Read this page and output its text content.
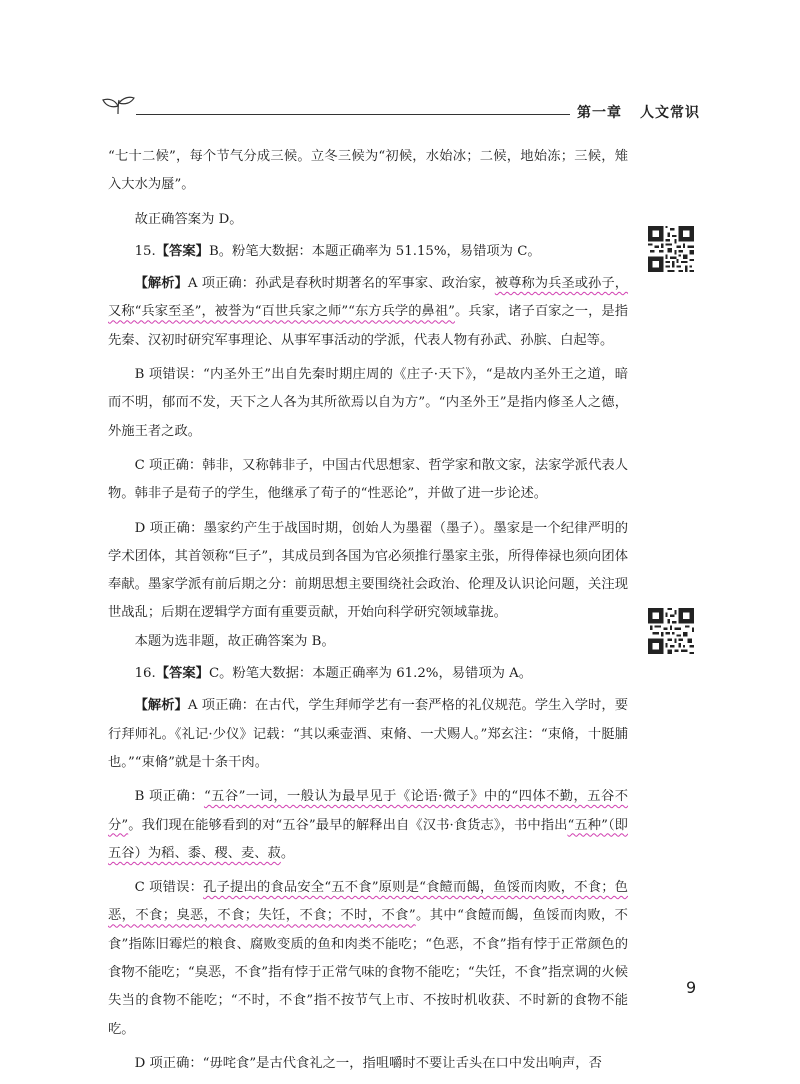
第一章 人文常识

“七十二候”，每个节气分成三候。立冬三候为“初候，水始冰；二候，地始冻；三候，雉入大水为蜃”。

故正确答案为 D。

15.【答案】B。粉笔大数据：本题正确率为 51.15%，易错项为 C。

【解析】A 项正确：孙武是春秋时期著名的军事家、政治家，被尊称为兵圣或孙子，又称“兵家至圣”，被誉为“百世兵家之师”“东方兵学的鼻祖”。兵家，诸子百家之一，是指先秦、汉初时研究军事理论、从事军事活动的学派，代表人物有孙武、孙膑、白起等。

B 项错误：“内圣外王”出自先秦时期庄周的《庄子·天下》，“是故内圣外王之道，暗而不明，郁而不发，天下之人各为其所欲焉以自为方”。“内圣外王”是指内修圣人之德，外施王者之政。

C 项正确：韩非，又称韩非子，中国古代思想家、哲学家和散文家，法家学派代表人物。韩非子是荀子的学生，他继承了荀子的“性恶论”，并做了进一步论述。

D 项正确：墨家约产生于战国时期，创始人为墨翟（墨子）。墨家是一个纪律严明的学术团体，其首领称“巨子”，其成员到各国为官必须推行墨家主张，所得俸禄也须向团体奉献。墨家学派有前后期之分：前期思想主要围绕社会政治、伦理及认识论问题，关注现世战乱；后期在逻辑学方面有重要贡献，开始向科学研究领域靠拢。

本题为选非题，故正确答案为 B。

16.【答案】C。粉笔大数据：本题正确率为 61.2%，易错项为 A。

【解析】A 项正确：在古代，学生拜师学艺有一套严格的礼仪规范。学生入学时，要行拜师礼。《礼记·少仪》记载：“其以乘壶酒、束脩、一犬赐人。”郑玄注：“束脩，十脡脯也。”“束脩”就是十条干肉。

B 项正确：“五谷”一词，一般认为最早见于《论语·微子》中的“四体不勤，五谷不分”。我们现在能够看到的对“五谷”最早的解释出自《汉书·食货志》，书中指出“五种”（即五谷）为稻、黍、稷、麦、菽。

C 项错误：孔子提出的食品安全“五不食”原则是“食饐而餲，鱼馁而肉败，不食；色恶，不食；臭恶，不食；失饪，不食；不时，不食”。其中“食饐而餲，鱼馁而肉败，不食”指陈旧霉烂的粮食、腐败变质的鱼和肉类不能吃；“色恶，不食”指有悖于正常颜色的食物不能吃；“臭恶，不食”指有悖于正常气味的食物不能吃；“失饪，不食”指烹调的火候失当的食物不能吃；“不时，不食”指不按节气上市、不按时机收获、不时新的食物不能吃。

D 项正确：“毋咤食”是古代食礼之一，指咀嚼时不要让舌头在口中发出响声，否

9
